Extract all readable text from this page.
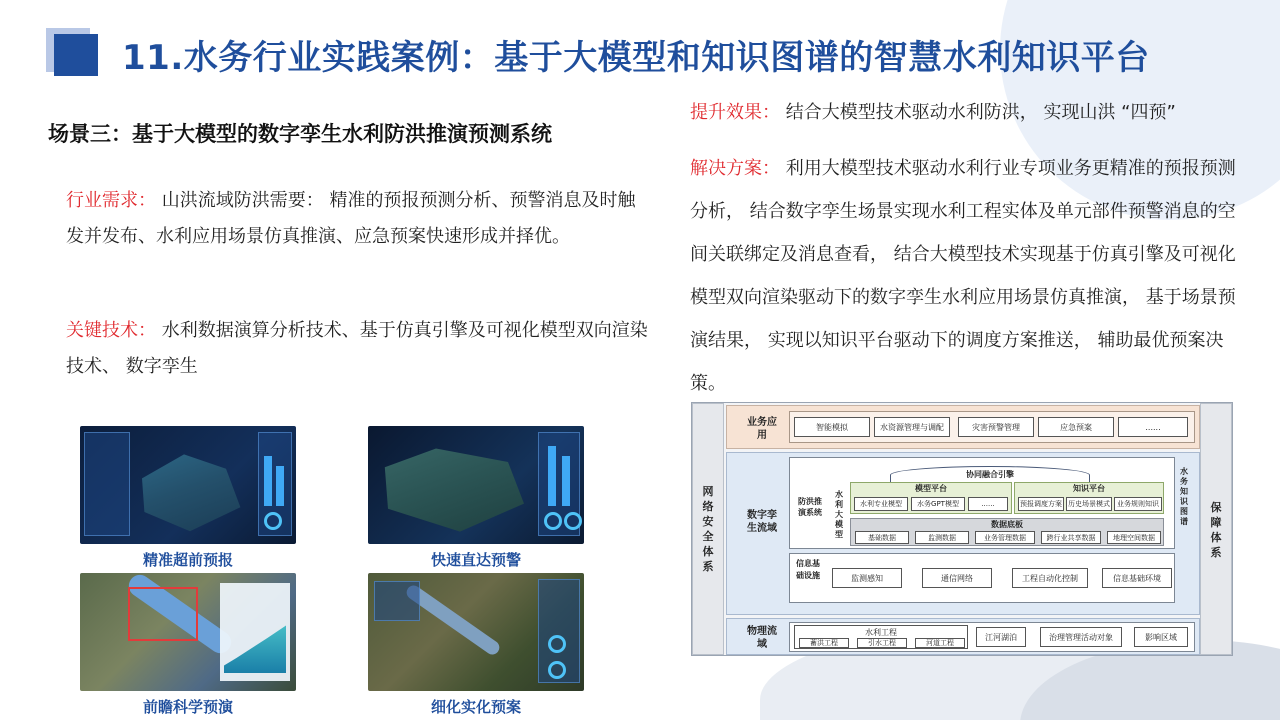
11.水务行业实践案例：基于大模型和知识图谱的智慧水利知识平台
场景三：基于大模型的数字孪生水利防洪推演预测系统
行业需求： 山洪流域防洪需要： 精准的预报预测分析、预警消息及时触发并发布、水利应用场景仿真推演、应急预案快速形成并择优。
关键技术： 水利数据演算分析技术、基于仿真引擎及可视化模型双向渲染技术、 数字孪生
提升效果： 结合大模型技术驱动水利防洪， 实现山洪 “四预”
解决方案： 利用大模型技术驱动水利行业专项业务更精准的预报预测分析， 结合数字孪生场景实现水利工程实体及单元部件预警消息的空间关联绑定及消息查看， 结合大模型技术实现基于仿真引擎及可视化模型双向渲染驱动下的数字孪生水利应用场景仿真推演， 基于场景预演结果， 实现以知识平台驱动下的调度方案推送， 辅助最优预案决策。
精准超前预报	快速直达预警
前瞻科学预演	细化实化预案
网络安全体系
保障体系
业务应用
智能模拟	水资源管理与调配	灾害预警管理	应急预案	......
数字孪生流域
协同融合引擎
防洪推演系统
水利大模型
模型平台
水利专业模型	水务GPT模型	......
知识平台
预报调度方案 历史场景模式	业务规则知识
数据底板
基础数据	监测数据	业务管理数据	跨行业共享数据	地理空间数据
水务知识图谱
信息基础设施	监测感知	通信网络	工程自动化控制	信息基础环境
物理流域
水利工程
蓄洪工程	引水工程	河道工程
江河湖泊	治理管理活动对象	影响区域
